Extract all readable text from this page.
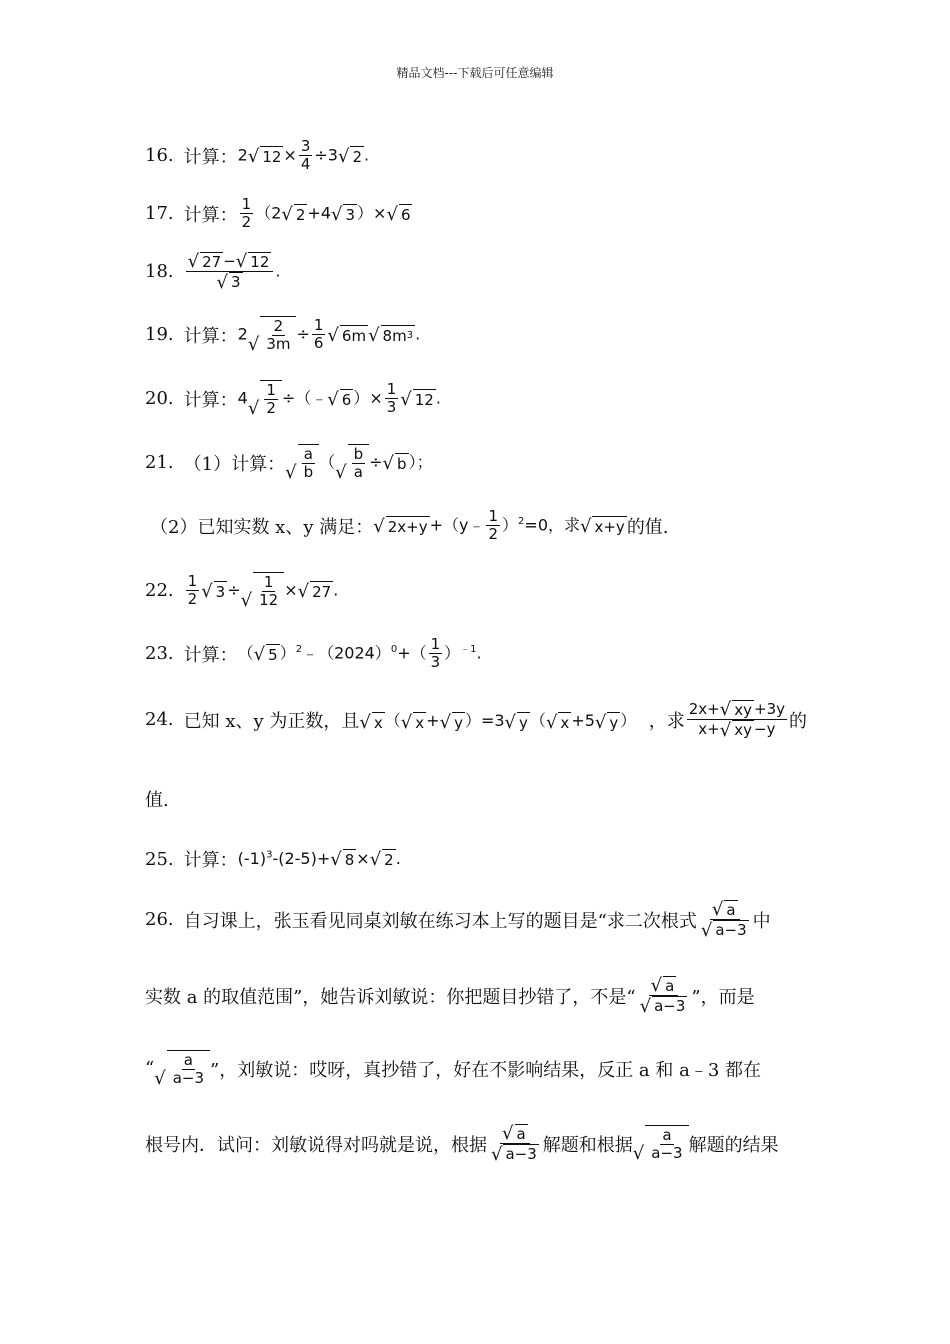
精品文档---下载后可任意编辑
16. 计算： 2 √ $12 \times \frac{3}{4} \div 3$ √ 2 .
17. 计算： $\frac{1}{2} (2$ √ 2 +4 √ 3 ）× √ 6
18. $\frac{√ 27 - √ 12}{√ 3}$ .
19. 计算： 2 √ $\frac{2}{3m} \div \frac{1}{6}$ √ 6m √ 8m 3 .
20. 计算： 4 √ $\frac{1}{2}$ ÷（﹣ √ 6 ）× $\frac{1}{3}$ √ 12 .
21. （1）计算： √ $\frac{a}{b}$ （ √ $\frac{b}{a}$ ÷ √ b ）；
（2）已知实数 x、y 满足： √ 2x+y +（y﹣ $\frac{1}{2} )^2=0$，求 √ x+y 的值.
22. $\frac{1}{2}$ √ 3 ÷ √ $\frac{1}{12}$ × √ 27 .
23. 计算： （ √ 5 ）$^2﹣(2024)^0+( \frac{1}{3} )^{﹣1}$.
24. 已知 x、y 为正数，且 √ x （ √ x + √ y ）=3 √ y （ √ x +5 √ y ） ，求 $\frac{2x+ √ xy +3y}{x+ √ xy -y}$ 的
值.
25. 计算： $(-1)^3-(2-5)+$ √ 8 × √ 2 .
26. 自习课上，张玉看见同桌刘敏在练习本上写的题目是“求二次根式 $\frac{√ a}{√ a-3}$ 中
实数 a 的取值范围”，她告诉刘敏说：你把题目抄错了，不是“ $\frac{√ a}{√ a-3}$ ”，而是
“ √ $\frac{a}{a-3}$ ”，刘敏说：哎呀，真抄错了，好在不影响结果，反正 a 和 a﹣3 都在
根号内．试问：刘敏说得对吗就是说，根据 $\frac{√ a}{√ a-3}$ 解题和根据 √ $\frac{a}{a-3}$ 解题的结果
